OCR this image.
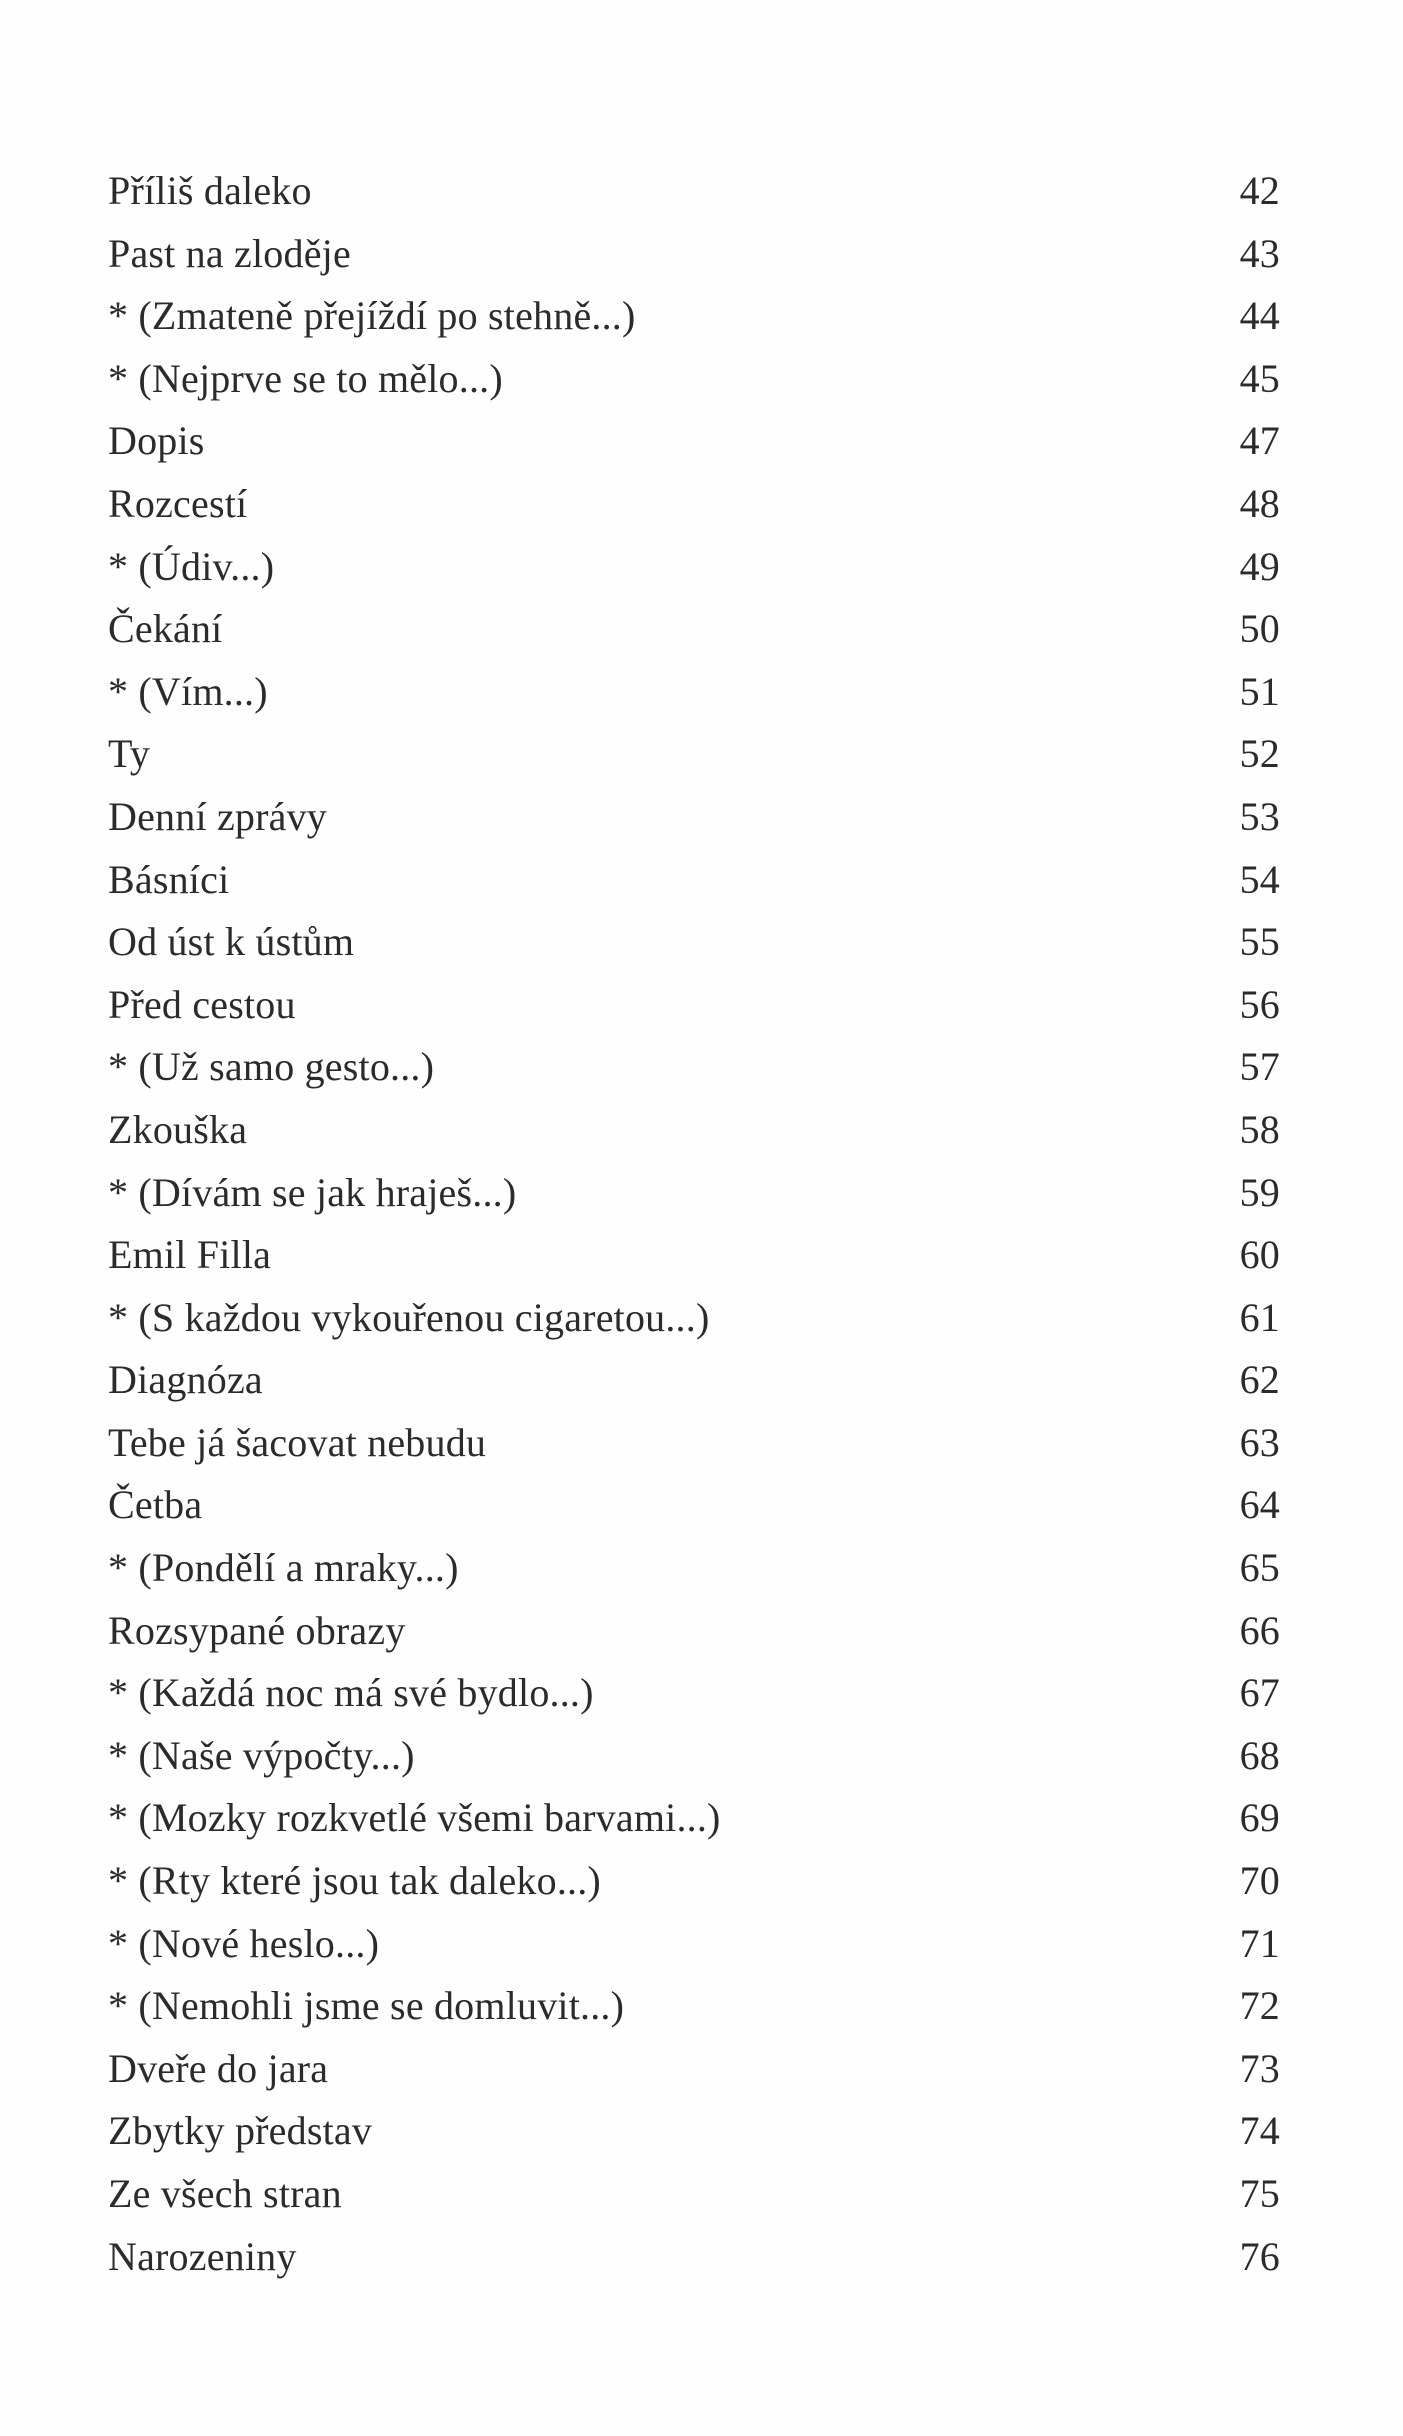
Příliš daleko	42
Past na zloděje	43
* (Zmateně přejíždí po stehně...)	44
* (Nejprve se to mělo...)	45
Dopis	47
Rozcestí	48
* (Údiv...)	49
Čekání	50
* (Vím...)	51
Ty	52
Denní zprávy	53
Básníci	54
Od úst k ústům	55
Před cestou	56
* (Už samo gesto...)	57
Zkouška	58
* (Dívám se jak hraješ...)	59
Emil Filla	60
* (S každou vykouřenou cigaretou...)	61
Diagnóza	62
Tebe já šacovat nebudu	63
Četba	64
* (Pondělí a mraky...)	65
Rozsypané obrazy	66
* (Každá noc má své bydlo...)	67
* (Naše výpočty...)	68
* (Mozky rozkvetlé všemi barvami...)	69
* (Rty které jsou tak daleko...)	70
* (Nové heslo...)	71
* (Nemohli jsme se domluvit...)	72
Dveře do jara	73
Zbytky představ	74
Ze všech stran	75
Narozeniny	76
